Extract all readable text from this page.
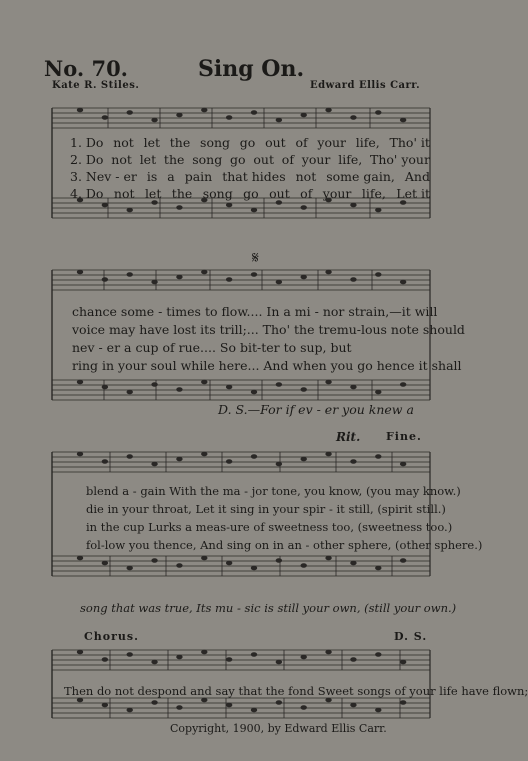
No. 70.	Sing On.
Kate R. Stiles.	Edward Ellis Carr.
1. Do not let the song go out of your life, Tho' it
2. Do not let the song go out of your life, Tho' your
3. Nev - er is a pain that hides not some gain, And
4. Do not let the song go out of your life, Let it
chance some - times to flow.... In a mi - nor strain,—it will
voice may have lost its trill;... Tho' the tremu-lous note should
nev - er a cup of rue.... So bit-ter to sup, but
ring in your soul while here... And when you go hence it shall
𝄋
D. S.—For if ev - er you knew a
Rit. Fine.
blend a - gain With the ma - jor tone, you know, (you may know.)
die in your throat, Let it sing in your spir - it still, (spirit still.)
in the cup Lurks a meas-ure of sweetness too, (sweetness too.)
fol-low you thence, And sing on in an - other sphere, (other sphere.)
song that was true, Its mu - sic is still your own, (still your own.)
Chorus.	D. S.
Then do not despond and say that the fond Sweet songs of your life have flown;
Copyright, 1900, by Edward Ellis Carr.
